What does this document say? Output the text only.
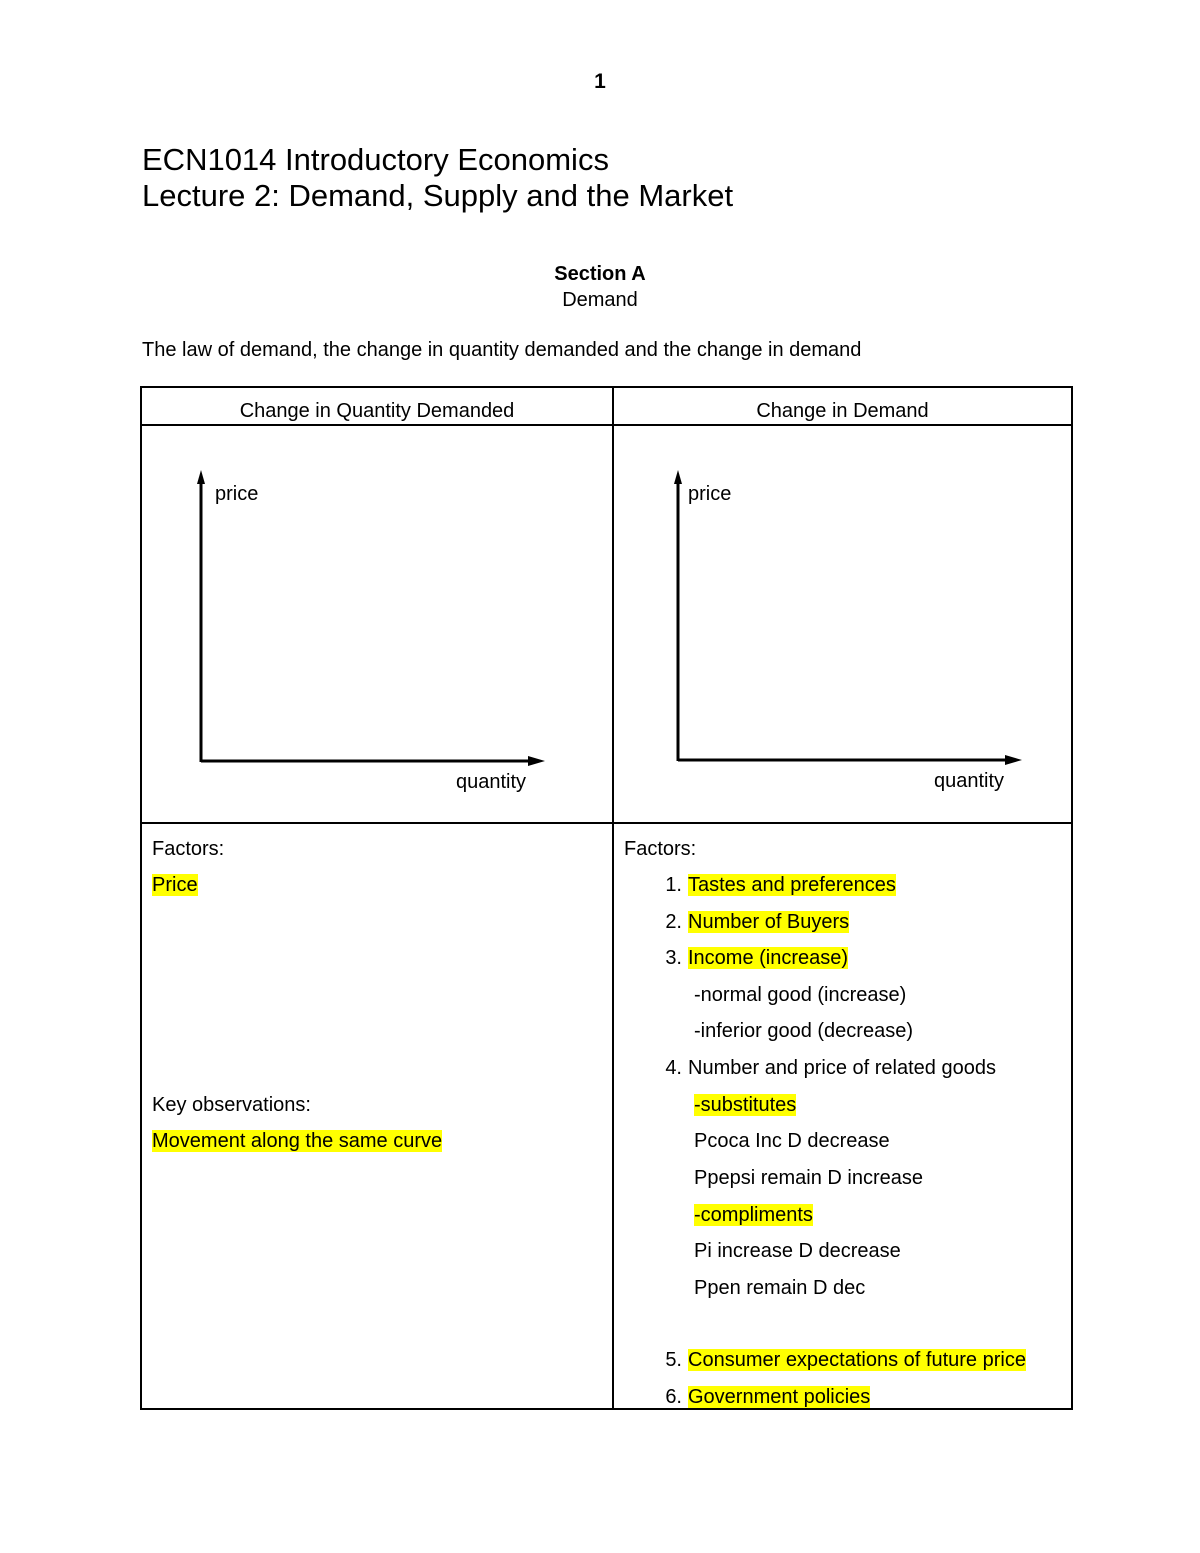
1
ECN1014 Introductory Economics
Lecture 2: Demand, Supply and the Market
Section A
Demand
The law of demand, the change in quantity demanded and the change in demand
Change in Quantity Demanded	Change in Demand
price
quantity
price
quantity
Factors:
Price
Key observations:
Movement along the same curve
Factors:
1. Tastes and preferences
2. Number of Buyers
3. Income (increase)
-normal good (increase)
-inferior good (decrease)
4. Number and price of related goods
-substitutes
Pcoca Inc D decrease
Ppepsi remain D increase
-compliments
Pi increase D decrease
Ppen remain D dec
5. Consumer expectations of future price
6. Government policies
